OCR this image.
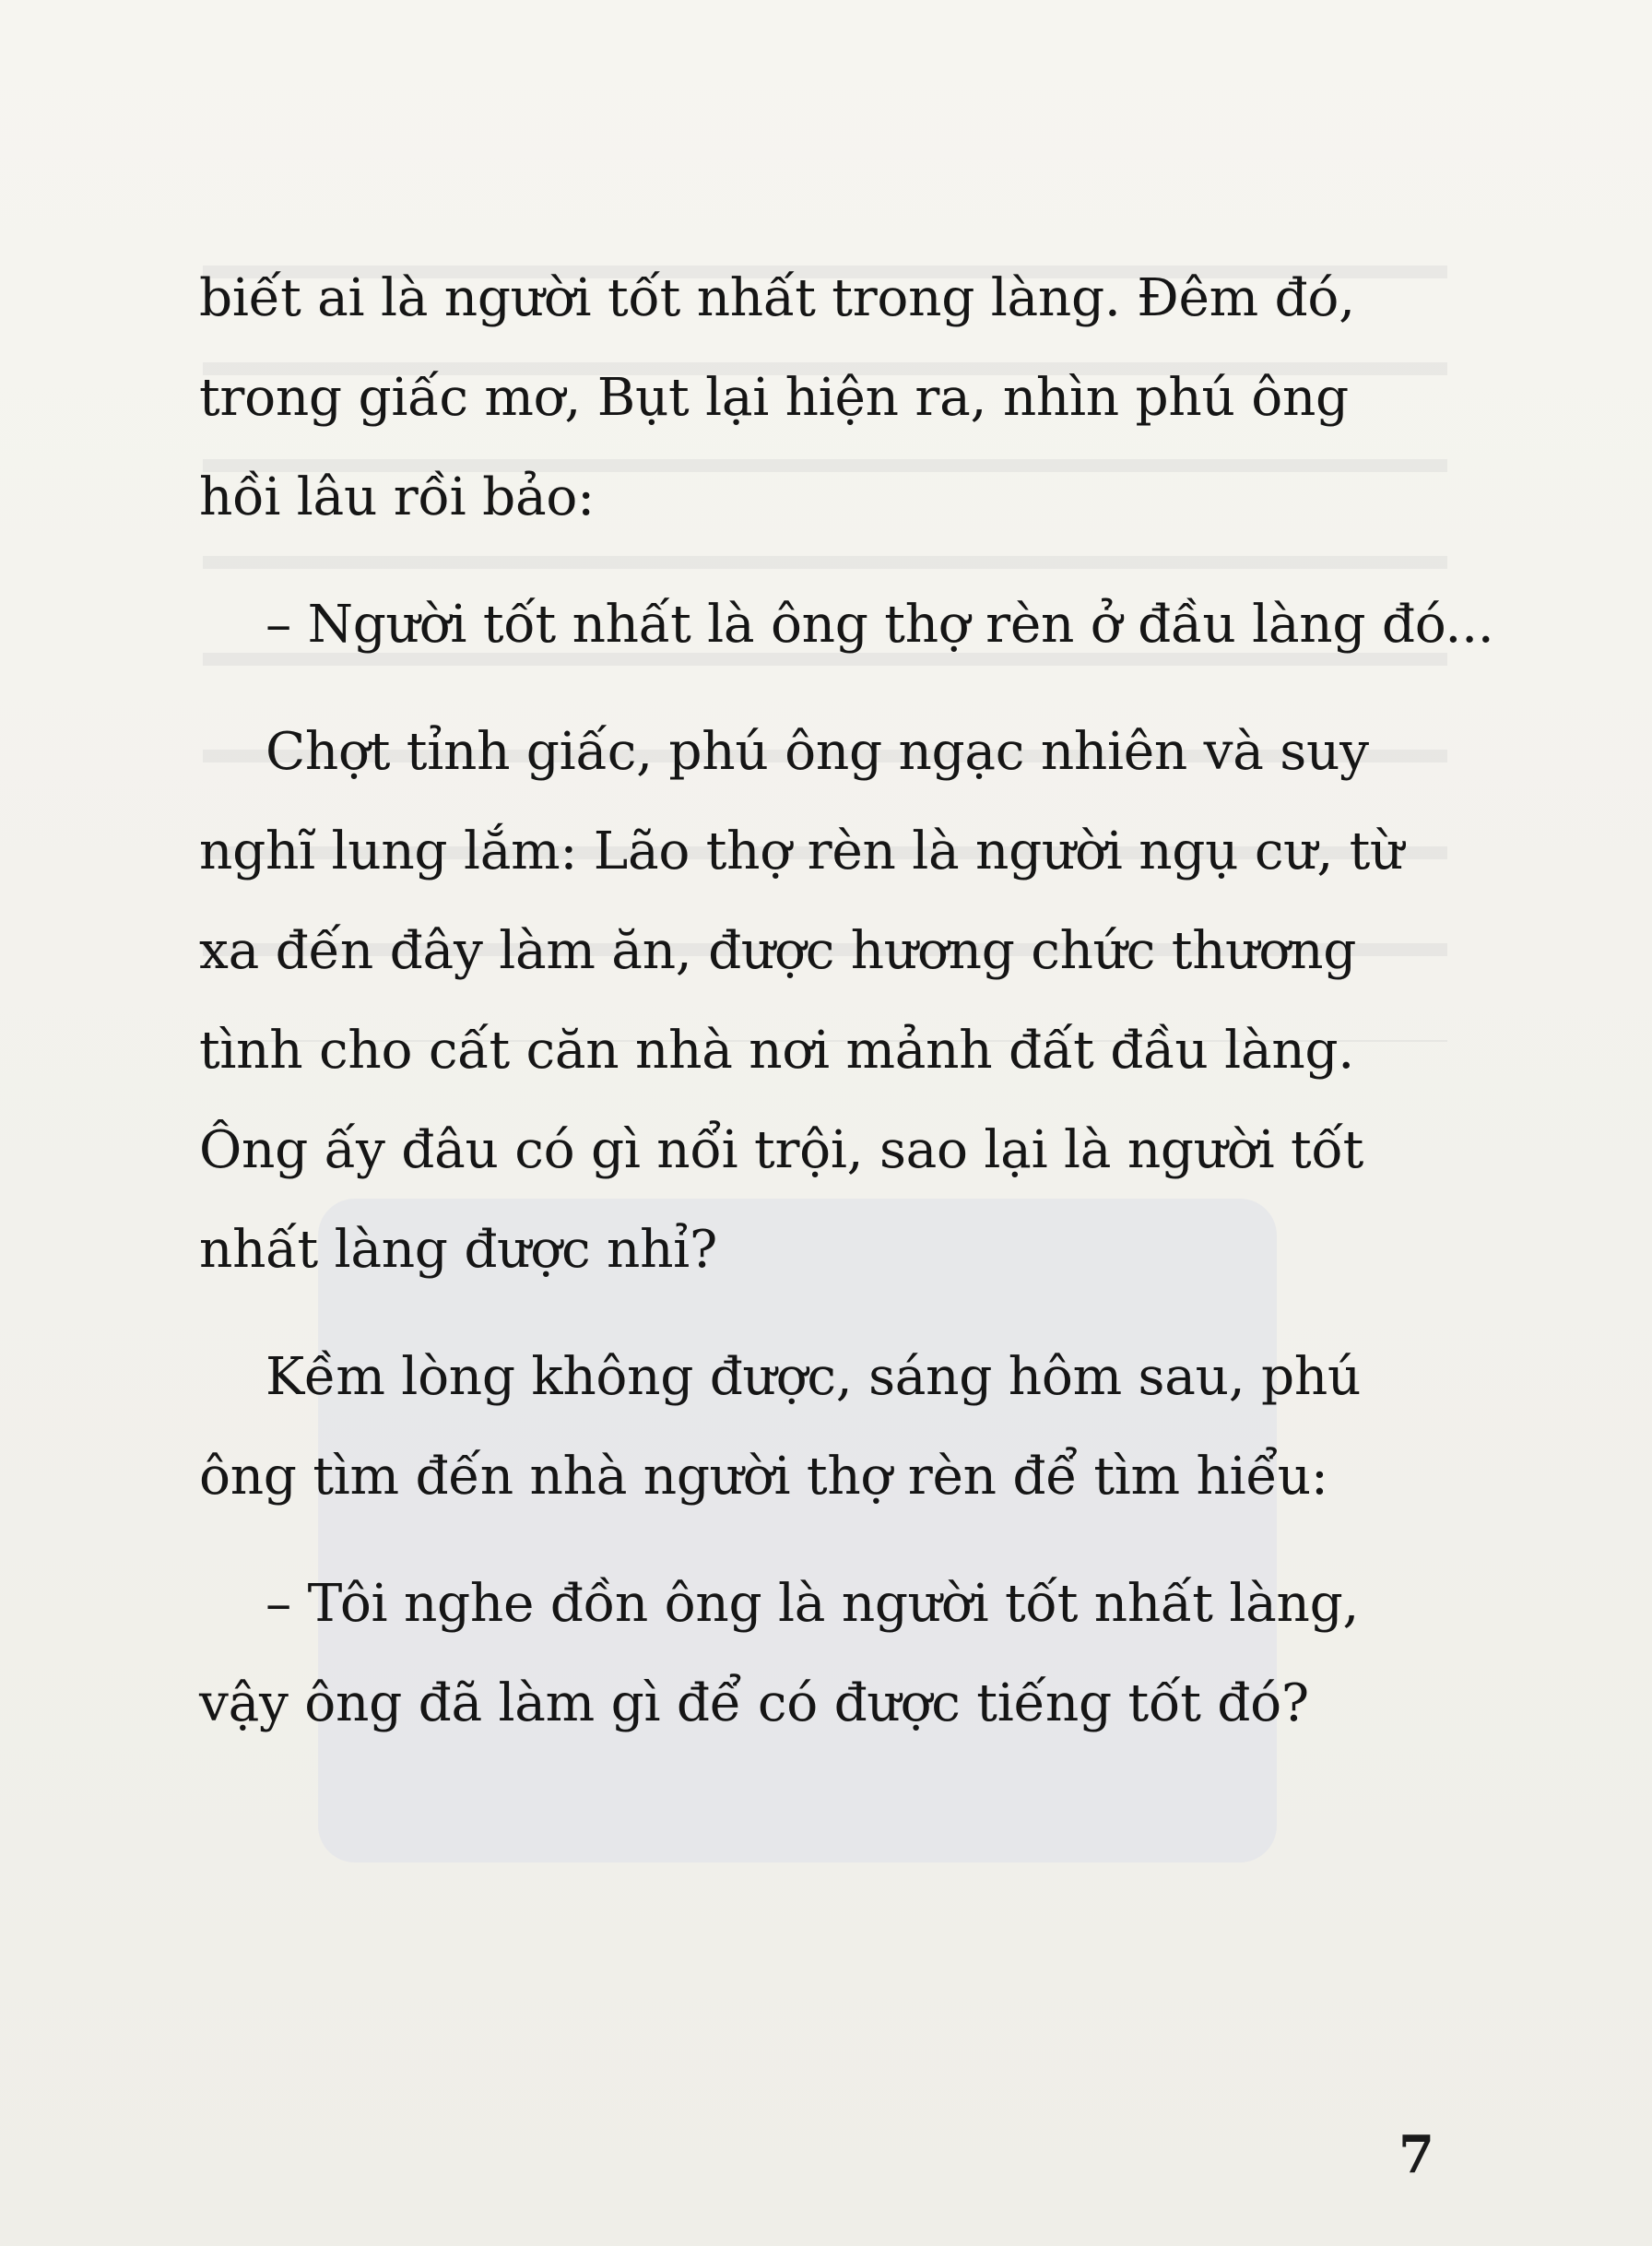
biết ai là người tốt nhất trong làng. Đêm đó,
trong giấc mơ, Bụt lại hiện ra, nhìn phú ông
hồi lâu rồi bảo:
– Người tốt nhất là ông thợ rèn ở đầu làng đó...
Chợt tỉnh giấc, phú ông ngạc nhiên và suy
nghĩ lung lắm: Lão thợ rèn là người ngụ cư, từ
xa đến đây làm ăn, được hương chức thương
tình cho cất căn nhà nơi mảnh đất đầu làng.
Ông ấy đâu có gì nổi trội, sao lại là người tốt
nhất làng được nhỉ?
Kềm lòng không được, sáng hôm sau, phú
ông tìm đến nhà người thợ rèn để tìm hiểu:
– Tôi nghe đồn ông là người tốt nhất làng,
vậy ông đã làm gì để có được tiếng tốt đó?
7
